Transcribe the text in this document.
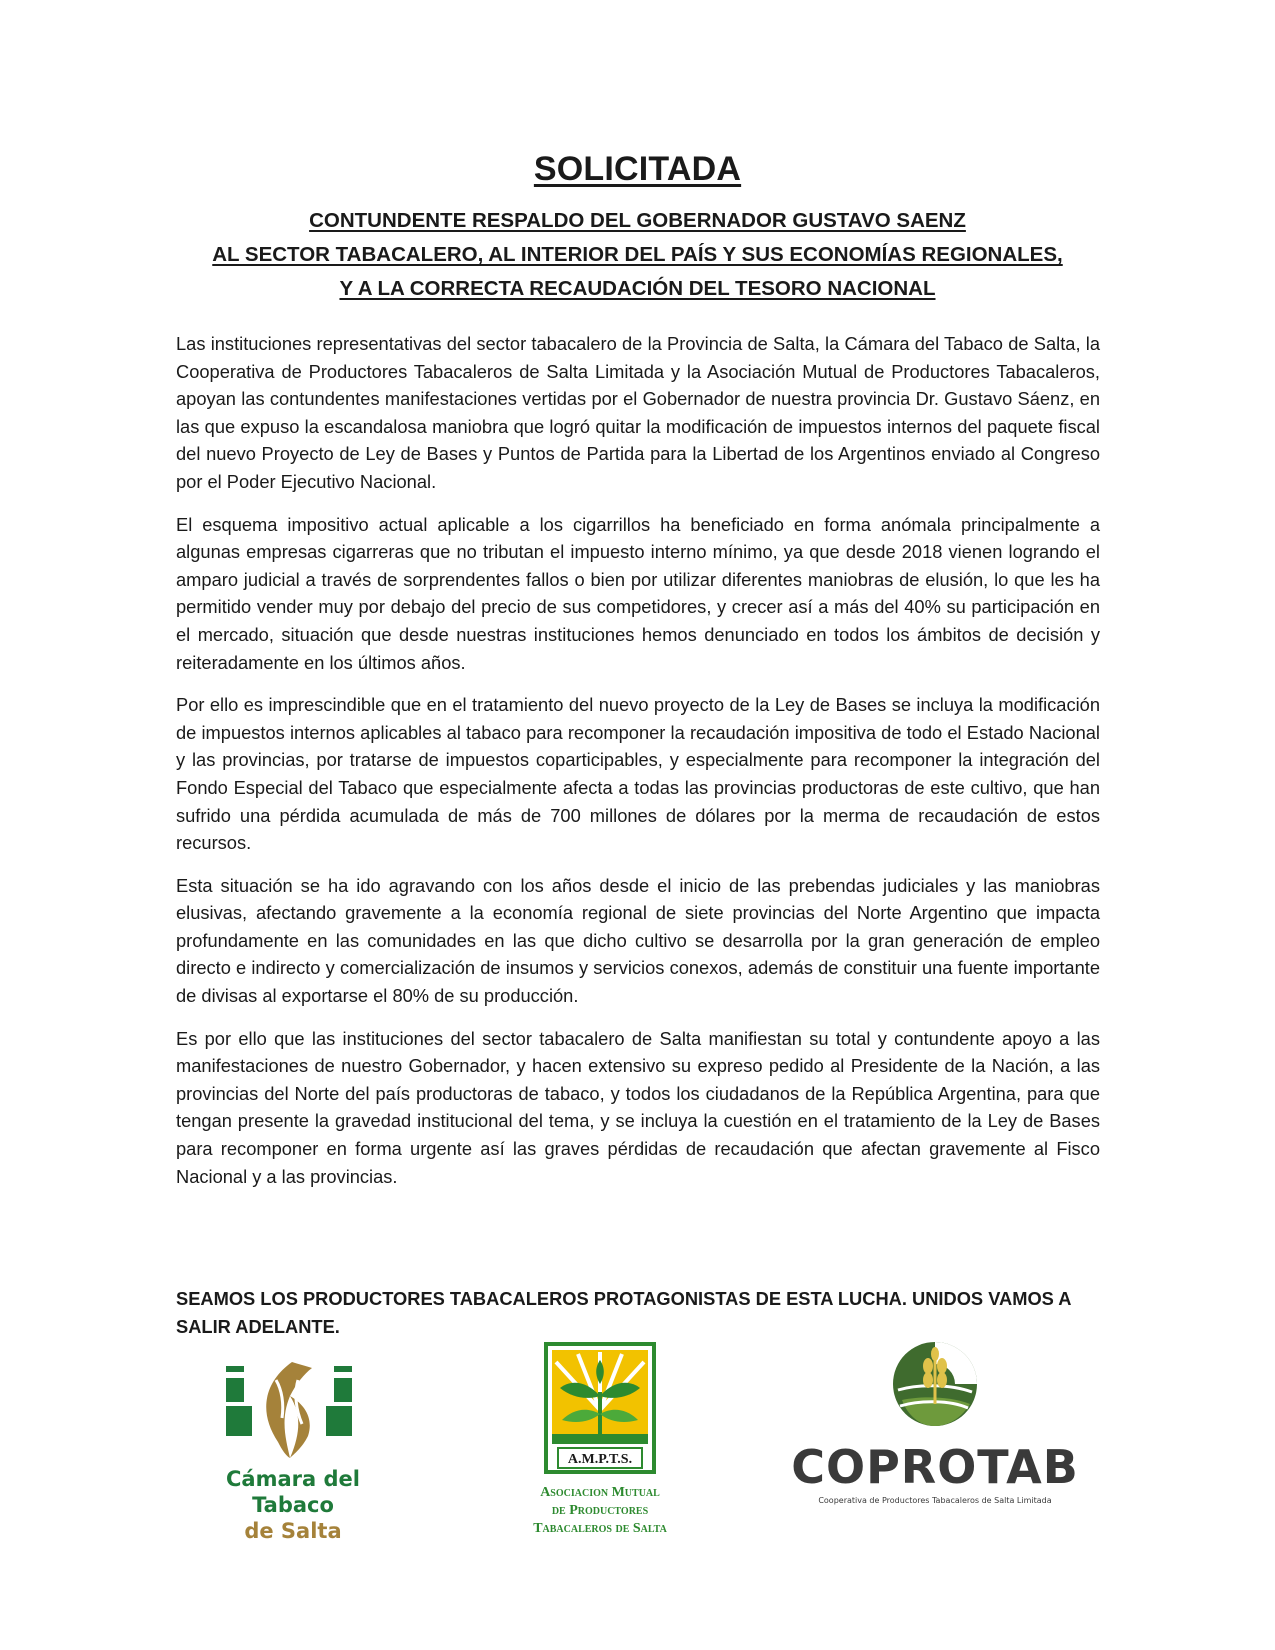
SOLICITADA
CONTUNDENTE RESPALDO DEL GOBERNADOR GUSTAVO SAENZ
AL SECTOR TABACALERO, AL INTERIOR DEL PAÍS Y SUS ECONOMÍAS REGIONALES,
Y A LA CORRECTA RECAUDACIÓN DEL TESORO NACIONAL

Las instituciones representativas del sector tabacalero de la Provincia de Salta, la Cámara del Tabaco de Salta, la Cooperativa de Productores Tabacaleros de Salta Limitada y la Asociación Mutual de Productores Tabacaleros, apoyan las contundentes manifestaciones vertidas por el Gobernador de nuestra provincia Dr. Gustavo Sáenz, en las que expuso la escandalosa maniobra que logró quitar la modificación de impuestos internos del paquete fiscal del nuevo Proyecto de Ley de Bases y Puntos de Partida para la Libertad de los Argentinos enviado al Congreso por el Poder Ejecutivo Nacional.

El esquema impositivo actual aplicable a los cigarrillos ha beneficiado en forma anómala principalmente a algunas empresas cigarreras que no tributan el impuesto interno mínimo, ya que desde 2018 vienen logrando el amparo judicial a través de sorprendentes fallos o bien por utilizar diferentes maniobras de elusión, lo que les ha permitido vender muy por debajo del precio de sus competidores, y crecer así a más del 40% su participación en el mercado, situación que desde nuestras instituciones hemos denunciado en todos los ámbitos de decisión y reiteradamente en los últimos años.

Por ello es imprescindible que en el tratamiento del nuevo proyecto de la Ley de Bases se incluya la modificación de impuestos internos aplicables al tabaco para recomponer la recaudación impositiva de todo el Estado Nacional y las provincias, por tratarse de impuestos coparticipables, y especialmente para recomponer la integración del Fondo Especial del Tabaco que especialmente afecta a todas las provincias productoras de este cultivo, que han sufrido una pérdida acumulada de más de 700 millones de dólares por la merma de recaudación de estos recursos.

Esta situación se ha ido agravando con los años desde el inicio de las prebendas judiciales y las maniobras elusivas, afectando gravemente a la economía regional de siete provincias del Norte Argentino que impacta profundamente en las comunidades en las que dicho cultivo se desarrolla por la gran generación de empleo directo e indirecto y comercialización de insumos y servicios conexos, además de constituir una fuente importante de divisas al exportarse el 80% de su producción.

Es por ello que las instituciones del sector tabacalero de Salta manifiestan su total y contundente apoyo a las manifestaciones de nuestro Gobernador, y hacen extensivo su expreso pedido al Presidente de la Nación, a las provincias del Norte del país productoras de tabaco, y todos los ciudadanos de la República Argentina, para que tengan presente la gravedad institucional del tema, y se incluya la cuestión en el tratamiento de la Ley de Bases para recomponer en forma urgente así las graves pérdidas de recaudación que afectan gravemente al Fisco Nacional y a las provincias.

SEAMOS LOS PRODUCTORES TABACALEROS PROTAGONISTAS DE ESTA LUCHA. UNIDOS VAMOS A SALIR ADELANTE.
Cámara del Tabaco
de Salta
A.M.P.T.S.
Asociacion Mutual
de Productores
Tabacaleros de Salta
COPROTAB
Cooperativa de Productores Tabacaleros de Salta Limitada
